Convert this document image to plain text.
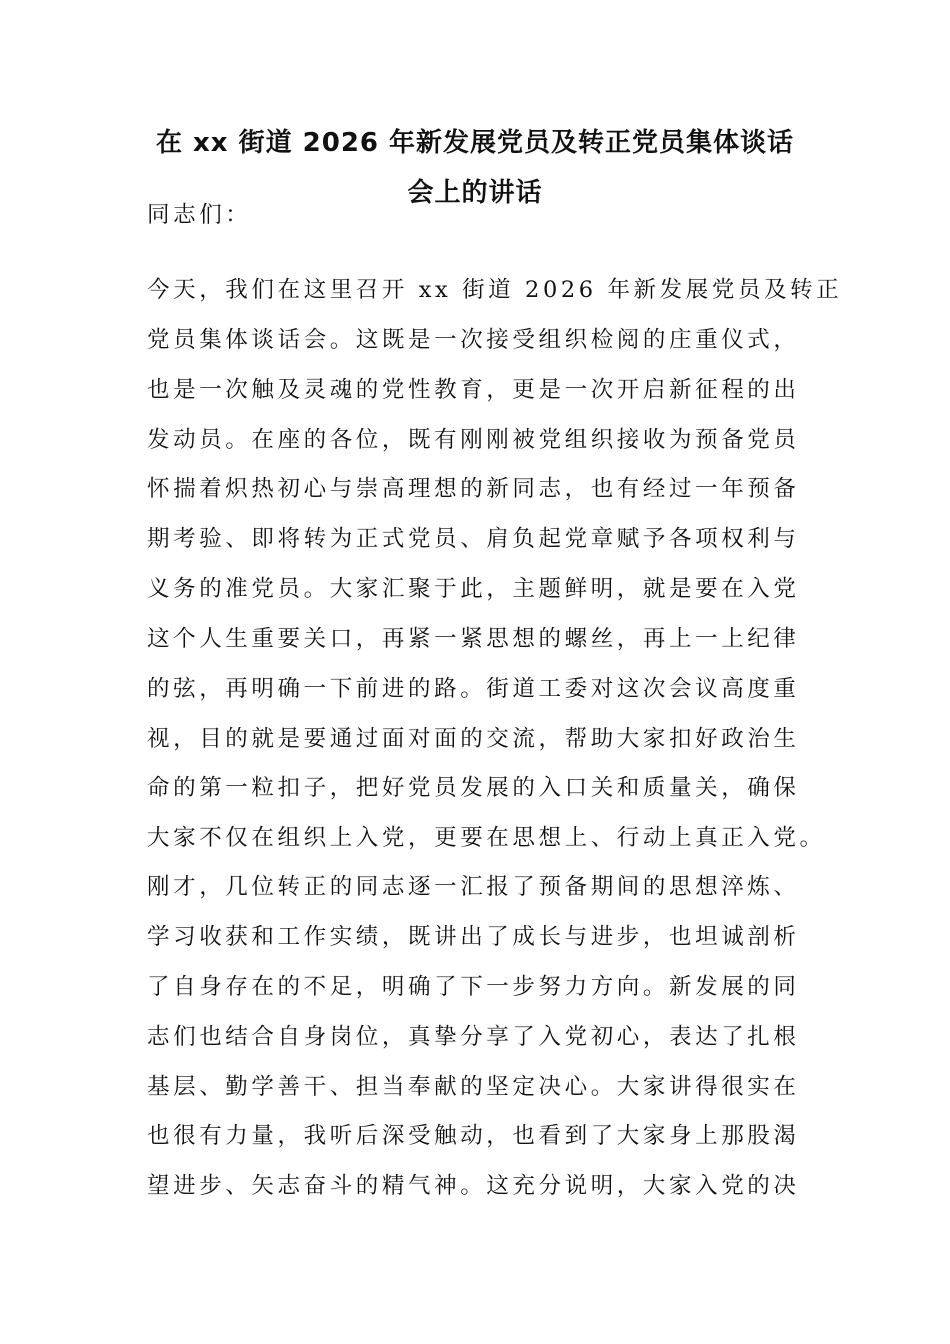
在 xx 街道 2026 年新发展党员及转正党员集体谈话
会上的讲话

同志们：

今天，我们在这里召开 xx 街道 2026 年新发展党员及转正

党员集体谈话会。这既是一次接受组织检阅的庄重仪式，

也是一次触及灵魂的党性教育，更是一次开启新征程的出

发动员。在座的各位，既有刚刚被党组织接收为预备党员

怀揣着炽热初心与崇高理想的新同志，也有经过一年预备

期考验、即将转为正式党员、肩负起党章赋予各项权利与

义务的准党员。大家汇聚于此，主题鲜明，就是要在入党

这个人生重要关口，再紧一紧思想的螺丝，再上一上纪律

的弦，再明确一下前进的路。街道工委对这次会议高度重

视，目的就是要通过面对面的交流，帮助大家扣好政治生

命的第一粒扣子，把好党员发展的入口关和质量关，确保

大家不仅在组织上入党，更要在思想上、行动上真正入党。

刚才，几位转正的同志逐一汇报了预备期间的思想淬炼、

学习收获和工作实绩，既讲出了成长与进步，也坦诚剖析

了自身存在的不足，明确了下一步努力方向。新发展的同

志们也结合自身岗位，真挚分享了入党初心，表达了扎根

基层、勤学善干、担当奉献的坚定决心。大家讲得很实在

也很有力量，我听后深受触动，也看到了大家身上那股渴

望进步、矢志奋斗的精气神。这充分说明，大家入党的决
